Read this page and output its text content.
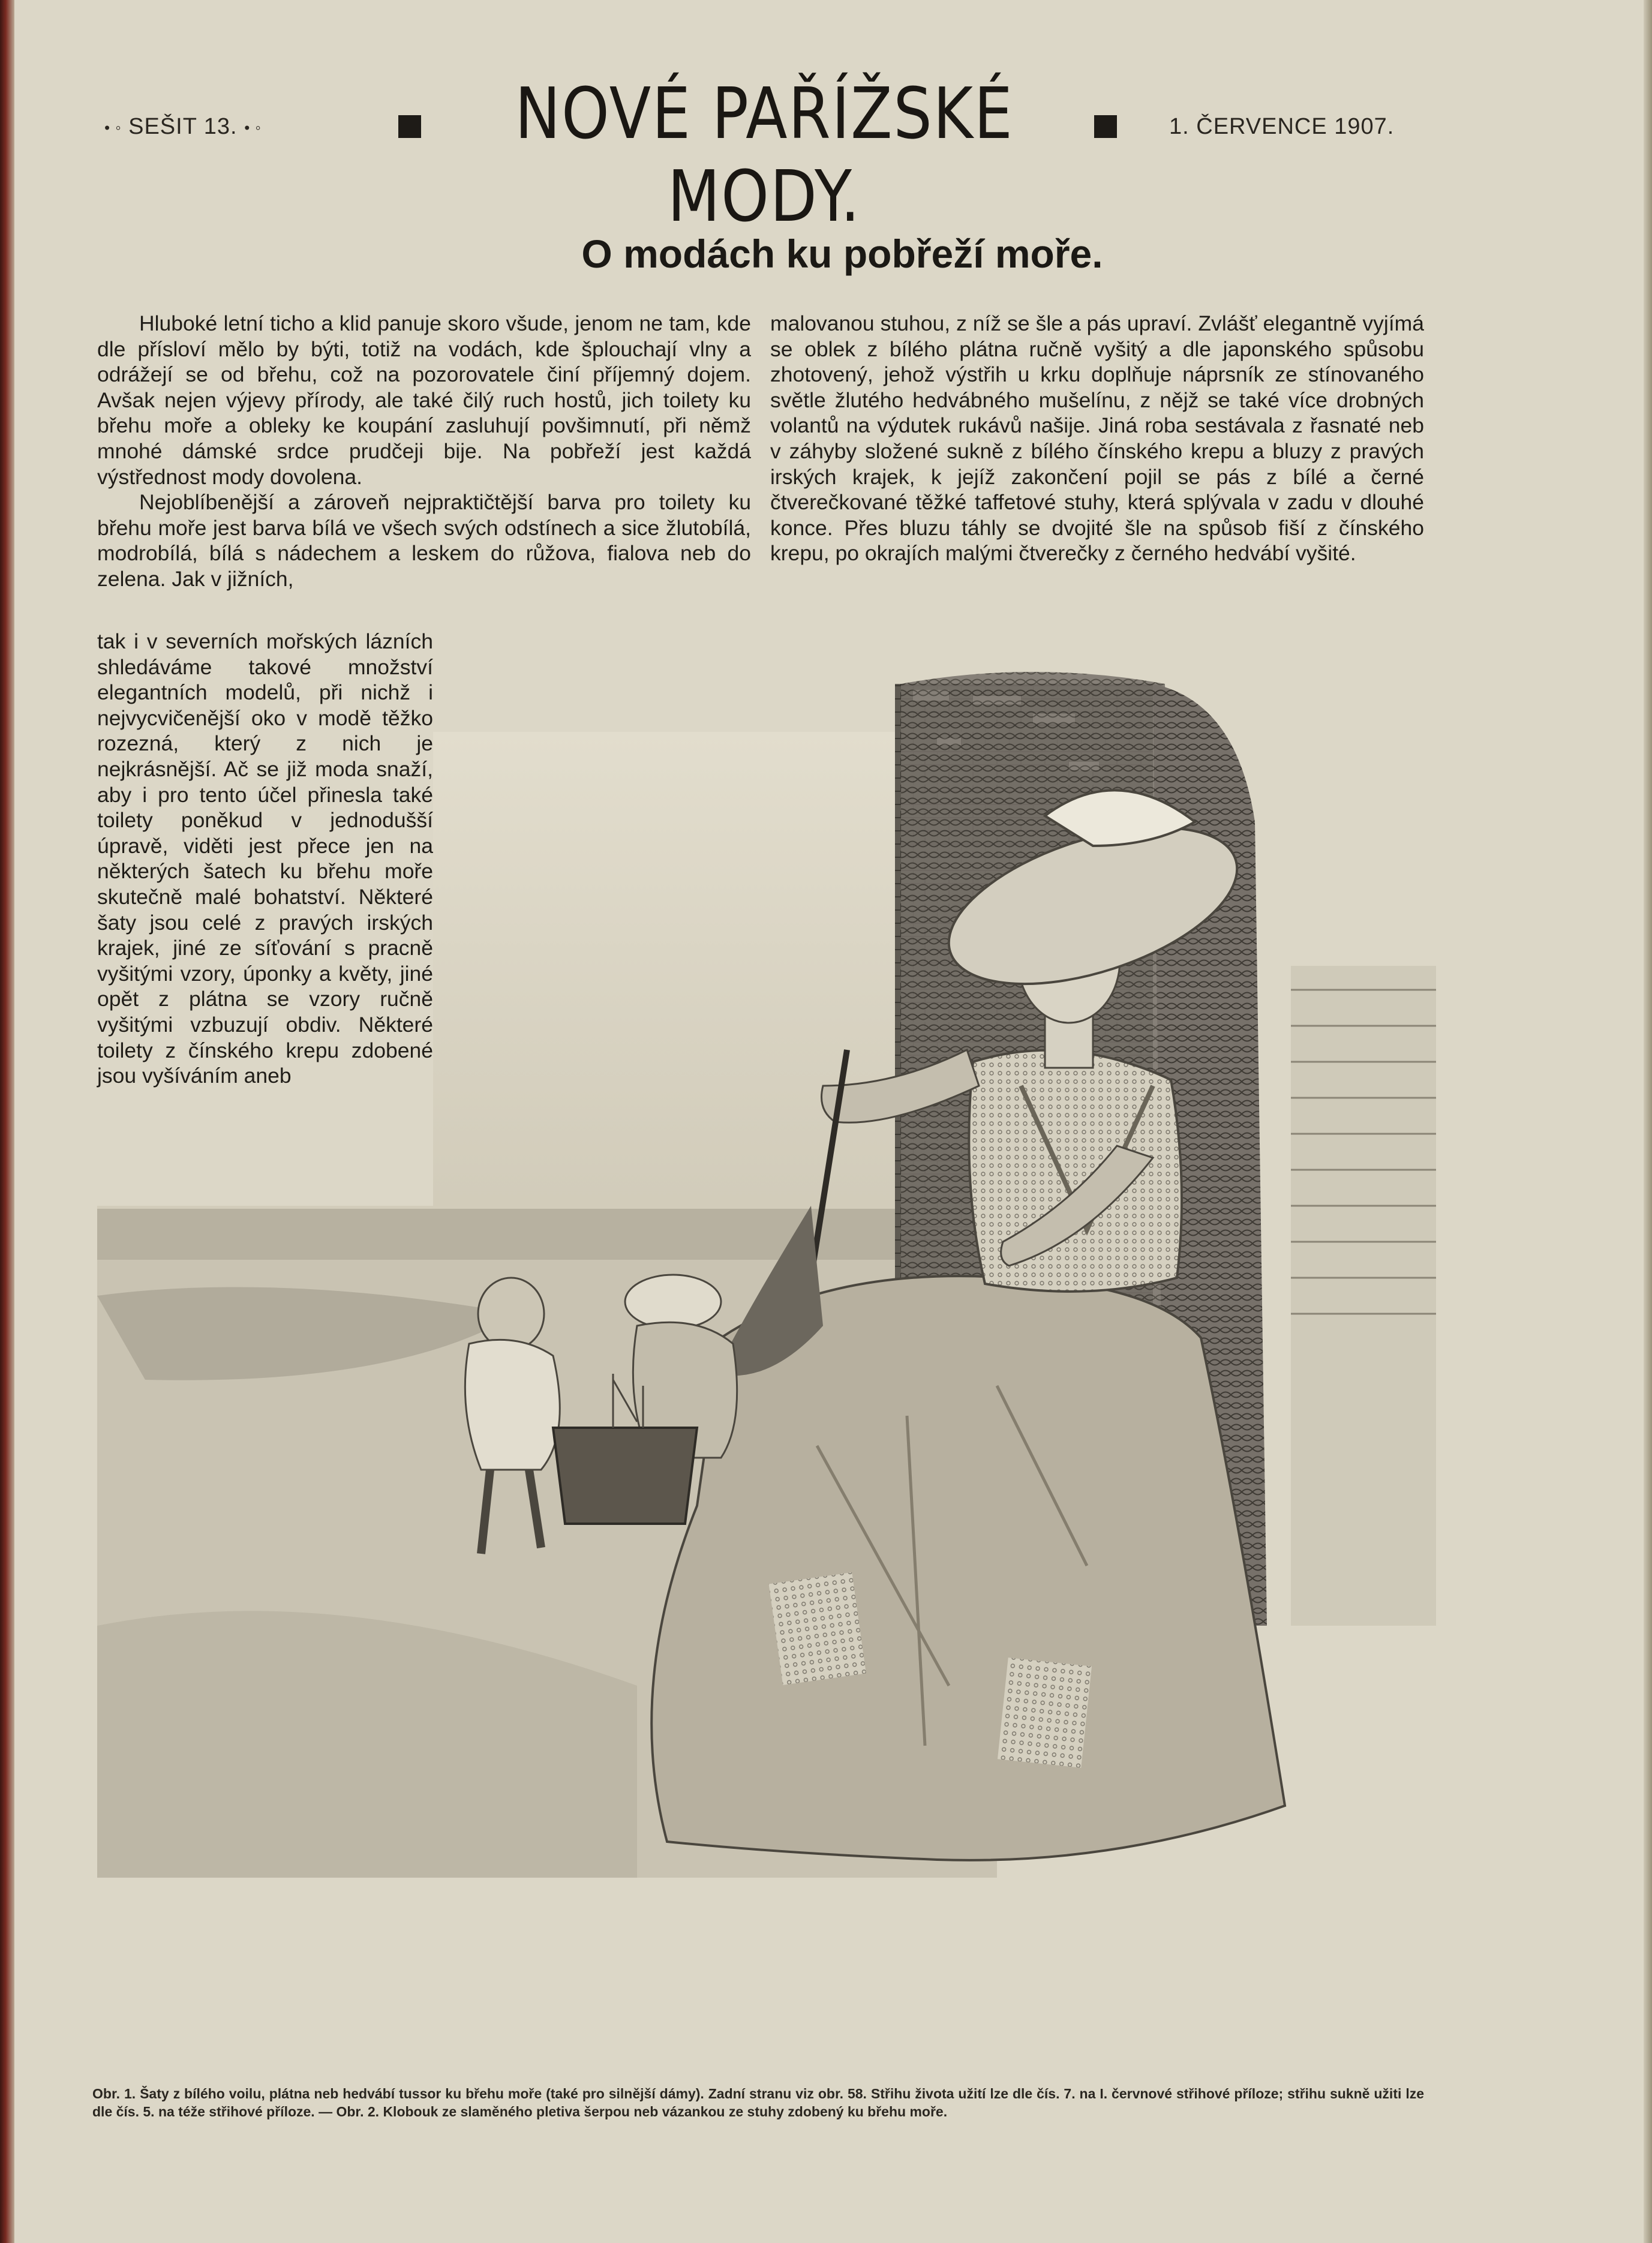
• ◦ SEŠIT 13. • ◦	NOVÉ PAŘÍŽSKÉ MODY.
1. ČERVENCE 1907.
O modách ku pobřeží moře.

Hluboké letní ticho a klid panuje skoro všude, jenom ne tam, kde dle přísloví mělo by býti, totiž na vodách, kde šplouchají vlny a odrážejí se od břehu, což na pozorovatele činí příjemný dojem. Avšak nejen výjevy přírody, ale také čilý ruch hostů, jich toilety ku břehu moře a obleky ke koupání zasluhují povšimnutí, při němž mnohé dámské srdce prudčeji bije. Na pobřeží jest každá výstřednost mody dovolena.

Nejoblíbenější a zároveň nejpraktičtější barva pro toilety ku břehu moře jest barva bílá ve všech svých odstínech a sice žlutobílá, modrobílá, bílá s nádechem a leskem do růžova, fialova neb do zelena. Jak v jižních,

tak i v severních mořských lázních shledáváme takové množství elegantních modelů, při nichž i nejvycvičenější oko v modě těžko rozezná, který z nich je nejkrásnější. Ač se již moda snaží, aby i pro tento účel přinesla také toilety poněkud v jednodušší úpravě, viděti jest přece jen na některých šatech ku břehu moře skutečně malé bohatství. Některé šaty jsou celé z pravých irských krajek, jiné ze síťování s pracně vyšitými vzory, úponky a květy, jiné opět z plátna se vzory ručně vyšitými vzbuzují obdiv. Některé toilety z čínského krepu zdobené jsou vyšíváním aneb

malovanou stuhou, z níž se šle a pás upraví. Zvlášť elegantně vyjímá se oblek z bílého plátna ručně vyšitý a dle japonského spůsobu zhotovený, jehož výstřih u krku doplňuje náprsník ze stínovaného světle žlutého hedvábného mušelínu, z nějž se také více drobných volantů na výdutek rukávů našije. Jiná roba sestávala z řasnaté neb v záhyby složené sukně z bílého čínského krepu a bluzy z pravých irských krajek, k jejíž zakončení pojil se pás z bílé a černé čtverečkované těžké taffetové stuhy, která splývala v zadu v dlouhé konce. Přes bluzu táhly se dvojité šle na spůsob fiší z čínského krepu, po okrajích malými čtverečky z černého hedvábí vyšité.

Obr. 1. Šaty z bílého voilu, plátna neb hedvábí tussor ku břehu moře (také pro silnější dámy). Zadní stranu viz obr. 58. Střihu života užití lze dle čís. 7. na I. červnové střihové příloze; střihu sukně užiti lze dle čís. 5. na téže střihové příloze. — Obr. 2. Klobouk ze slaměného pletiva šerpou neb vázankou ze stuhy zdobený ku břehu moře.
